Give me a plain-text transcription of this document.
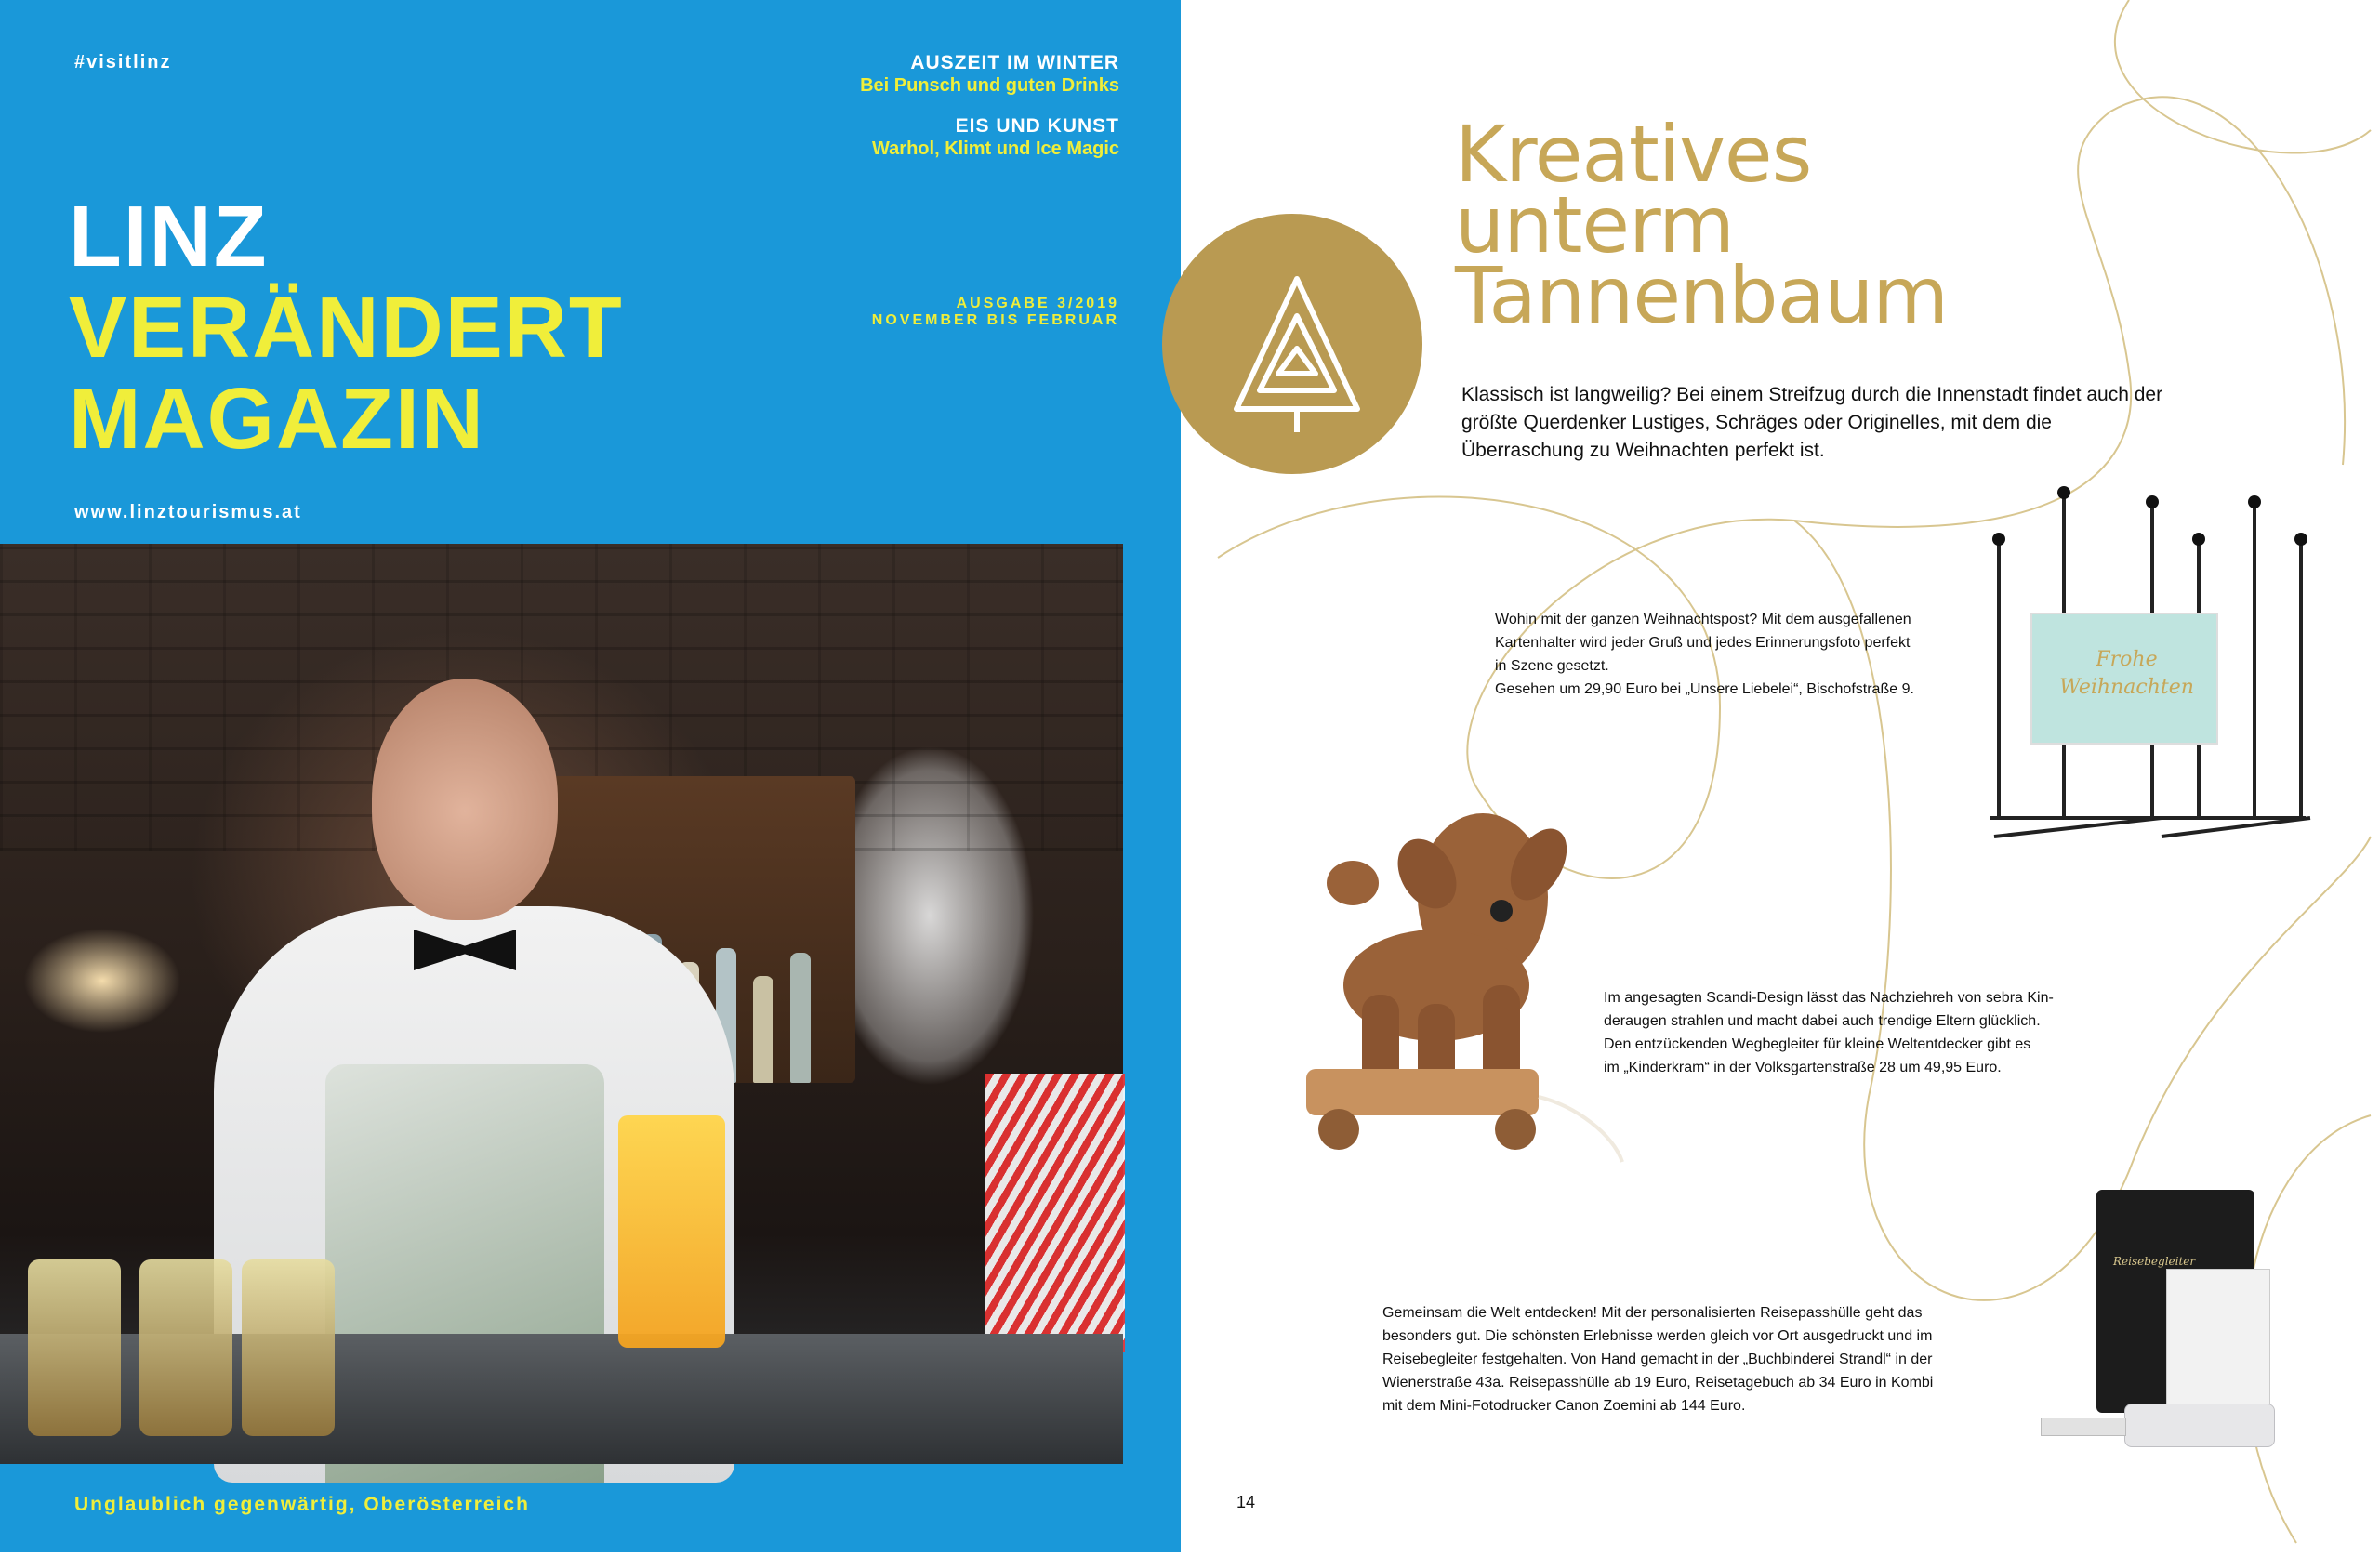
#visitlinz	AUSZEIT IM WINTER
Bei Punsch und guten Drinks
EIS UND KUNST
Warhol, Klimt und Ice Magic
LINZ
VERÄNDERT
MAGAZIN
AUSGABE 3/2019
NOVEMBER BIS FEBRUAR
www.linztourismus.at
Unglaublich gegenwärtig, Oberösterreich
Kreatives
unterm
Tannenbaum
Klassisch ist langweilig? Bei einem Streifzug durch die Innenstadt findet auch der größte Querdenker Lustiges, Schräges oder Originelles, mit dem die Überraschung zu Weihnachten perfekt ist.
Frohe
Weihnachten
Wohin mit der ganzen Weihnachtspost? Mit dem ausgefallenen
Kartenhalter wird jeder Gruß und jedes Erinnerungsfoto perfekt
in Szene gesetzt.
Gesehen um 29,90 Euro bei „Unsere Liebelei“, Bischofstraße 9.
Im angesagten Scandi-Design lässt das Nachziehreh von sebra Kin-
deraugen strahlen und macht dabei auch trendige Eltern glücklich.
Den entzückenden Wegbegleiter für kleine Weltentdecker gibt es
im „Kinderkram“ in der Volksgartenstraße 28 um 49,95 Euro.
Reisebegleiter
Gemeinsam die Welt entdecken! Mit der personalisierten Reisepasshülle geht das
besonders gut. Die schönsten Erlebnisse werden gleich vor Ort ausgedruckt und im
Reisebegleiter festgehalten. Von Hand gemacht in der „Buchbinderei Strandl“ in der
Wienerstraße 43a. Reisepasshülle ab 19 Euro, Reisetagebuch ab 34 Euro in Kombi
mit dem Mini-Fotodrucker Canon Zoemini ab 144 Euro.
14
